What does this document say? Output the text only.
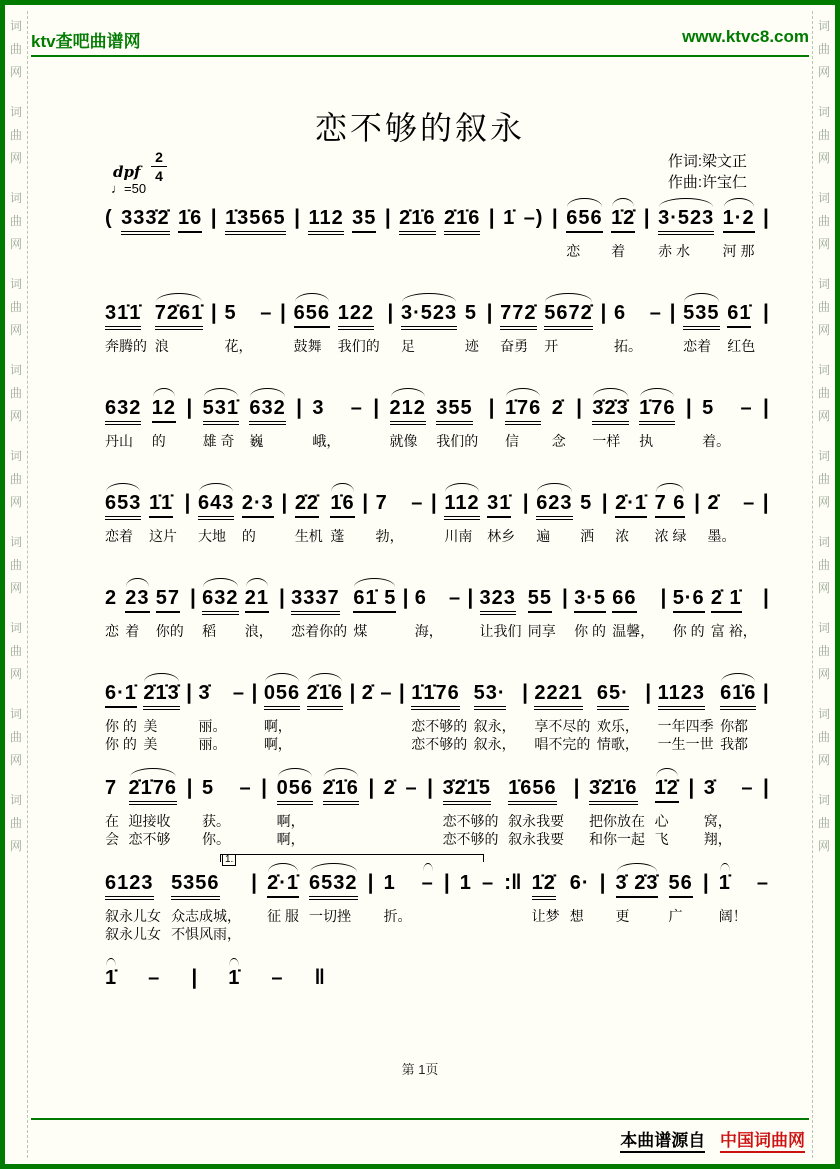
词
曲
网
词
曲
网
词
曲
网
词
曲
网
词
曲
网
词
曲
网
词
曲
网
词
曲
网
词
曲
网
词
曲
网
词
曲
网
词
曲
网
词
曲
网
词
曲
网
词
曲
网
词
曲
网
词
曲
网
词
曲
网
词
曲
网
词
曲
网
ktv查吧曲谱网	www.ktvc8.com
恋不够的叙永
dpf
2
4
♩=50
作词:梁文正
作曲:许宝仁
(
333̇2̇
1̇6
|
1̇3565
|
112
35
|
2̇1̇6
2̇1̇6
|
1̇
–)
|
656
恋
1̇2̇
着
|
3·523
赤 水
1·2
河 那
|

31̇1̇
奔腾的
72̇61̇
浪
|
5
花，
–
|
656
鼓舞
122
我们的
|
3·523
足
5
迹
|
772̇
奋勇
5672̇
开
|
6
拓。
–
|
535
恋着
61̇
红色
|

632
丹山
12
的
|
531̇
雄 奇
632
巍
|
3
峨，
–
|
212
就像
355
我们的
|
1̇76
信
2̇
念
|
3̇2̇3̇
一样
1̇76
执
|
5
着。
–
|

653
恋着
1̇1̇
这片
|
643
大地
2·3
的
|
2̇2̇
生机
1̇6
蓬
|
7
勃，
–
|
112
川南
31̇
林乡
|
623
遍
5
洒
|
2̇·1̇
浓
7 6
浓 绿
|
2̇
墨。
–
|

2
恋
23
着
57
你的
|
632
稻
21
浪，
|
3337
恋着你的
61̇ 5
煤
|
6
海，
–
|
323
让我们
55
同享
|
3·5
你 的
66
温馨，
|
5·6
你 的
2̇ 1̇
富 裕，
|

6·1̇
你 的
你 的
2̇1̇3̇
美
美
|

3̇
丽。
丽。
–

|

056
啊，
啊，
2̇1̇6

|

2̇

–

|

1̇1̇76
恋不够的
恋不够的
53·
叙永，
叙永，
|

2221
享不尽的
唱不完的
65·
欢乐，
情歌，
|

1123
一年四季
一生一世
61̇6
你都
我都
|

7
在
会
2̇1̇76
迎接收
恋不够
|

5
获。
你。
–

|

056
啊，
啊，
2̇1̇6

|

2̇

–

|

3̇2̇1̇5
恋不够的
恋不够的
1̇656
叙永我要
叙永我要
|

3̇2̇1̇6
把你放在
和你一起
1̇2̇
心
飞
|

3̇
窝，
翔，
–

|

1.
6123
叙永儿女
叙永儿女
5356
众志成城，
不惧风雨，
|

2̇·1̇
征 服

6532
一切挫

|

1
折。

–

|

1

–

:‖

1̇2̇
让梦

6·
想

|

3̇ 2̇3̇
更

56
广

|

1̇
阔！

–

1̇ – | 1̇ – ‖
第 1页
本曲谱源自 中国词曲网
